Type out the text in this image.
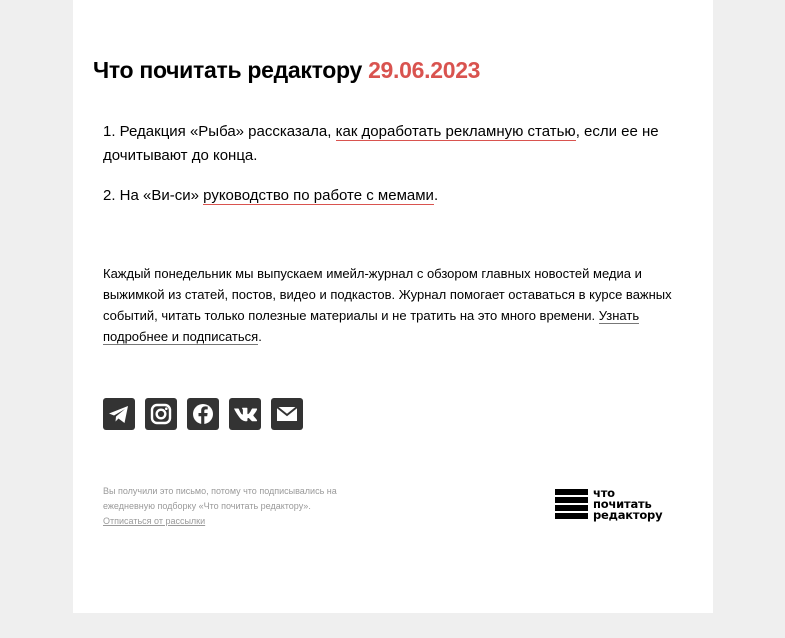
Что почитать редактору 29.06.2023

1. Редакция «Рыба» рассказала, как доработать рекламную статью, если ее не дочитывают до конца.

2. На «Ви-си» руководство по работе с мемами.

Каждый понедельник мы выпускаем имейл-журнал с обзором главных новостей медиа и выжимкой из статей, постов, видео и подкастов. Журнал помогает оставаться в курсе важных событий, читать только полезные материалы и не тратить на это много времени. Узнать подробнее и подписаться.

Вы получили это письмо, потому что подписывались на ежедневную подборку «Что почитать редактору».
Отписаться от рассылки
что
почитать
редактору
